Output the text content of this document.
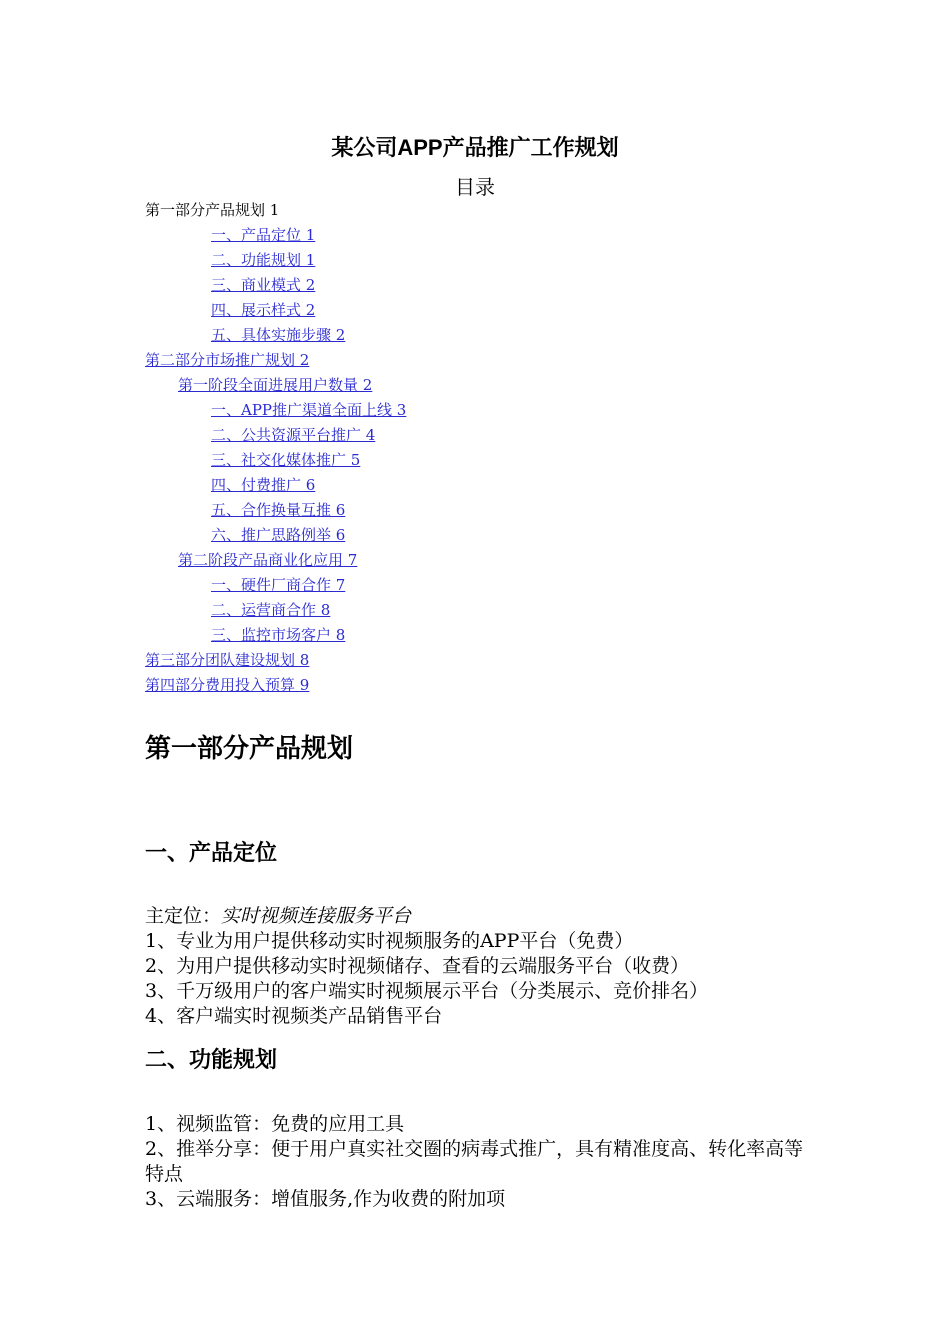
某公司APP产品推广工作规划
目录
第一部分产品规划 1
一、产品定位 1
二、功能规划 1
三、商业模式 2
四、展示样式 2
五、具体实施步骤 2
第二部分市场推广规划 2
第一阶段全面进展用户数量 2
一、APP推广渠道全面上线 3
二、公共资源平台推广 4
三、社交化媒体推广 5
四、付费推广 6
五、合作换量互推 6
六、推广思路例举 6
第二阶段产品商业化应用 7
一、硬件厂商合作 7
二、运营商合作 8
三、监控市场客户 8
第三部分团队建设规划 8
第四部分费用投入预算 9
第一部分产品规划
一、产品定位

主定位：实时视频连接服务平台

1、专业为用户提供移动实时视频服务的APP平台（免费）

2、为用户提供移动实时视频储存、查看的云端服务平台（收费）

3、千万级用户的客户端实时视频展示平台（分类展示、竞价排名）

4、客户端实时视频类产品销售平台

二、功能规划

1、视频监管：免费的应用工具

2、推举分享：便于用户真实社交圈的病毒式推广，具有精准度高、转化率高等特点

3、云端服务：增值服务,作为收费的附加项
